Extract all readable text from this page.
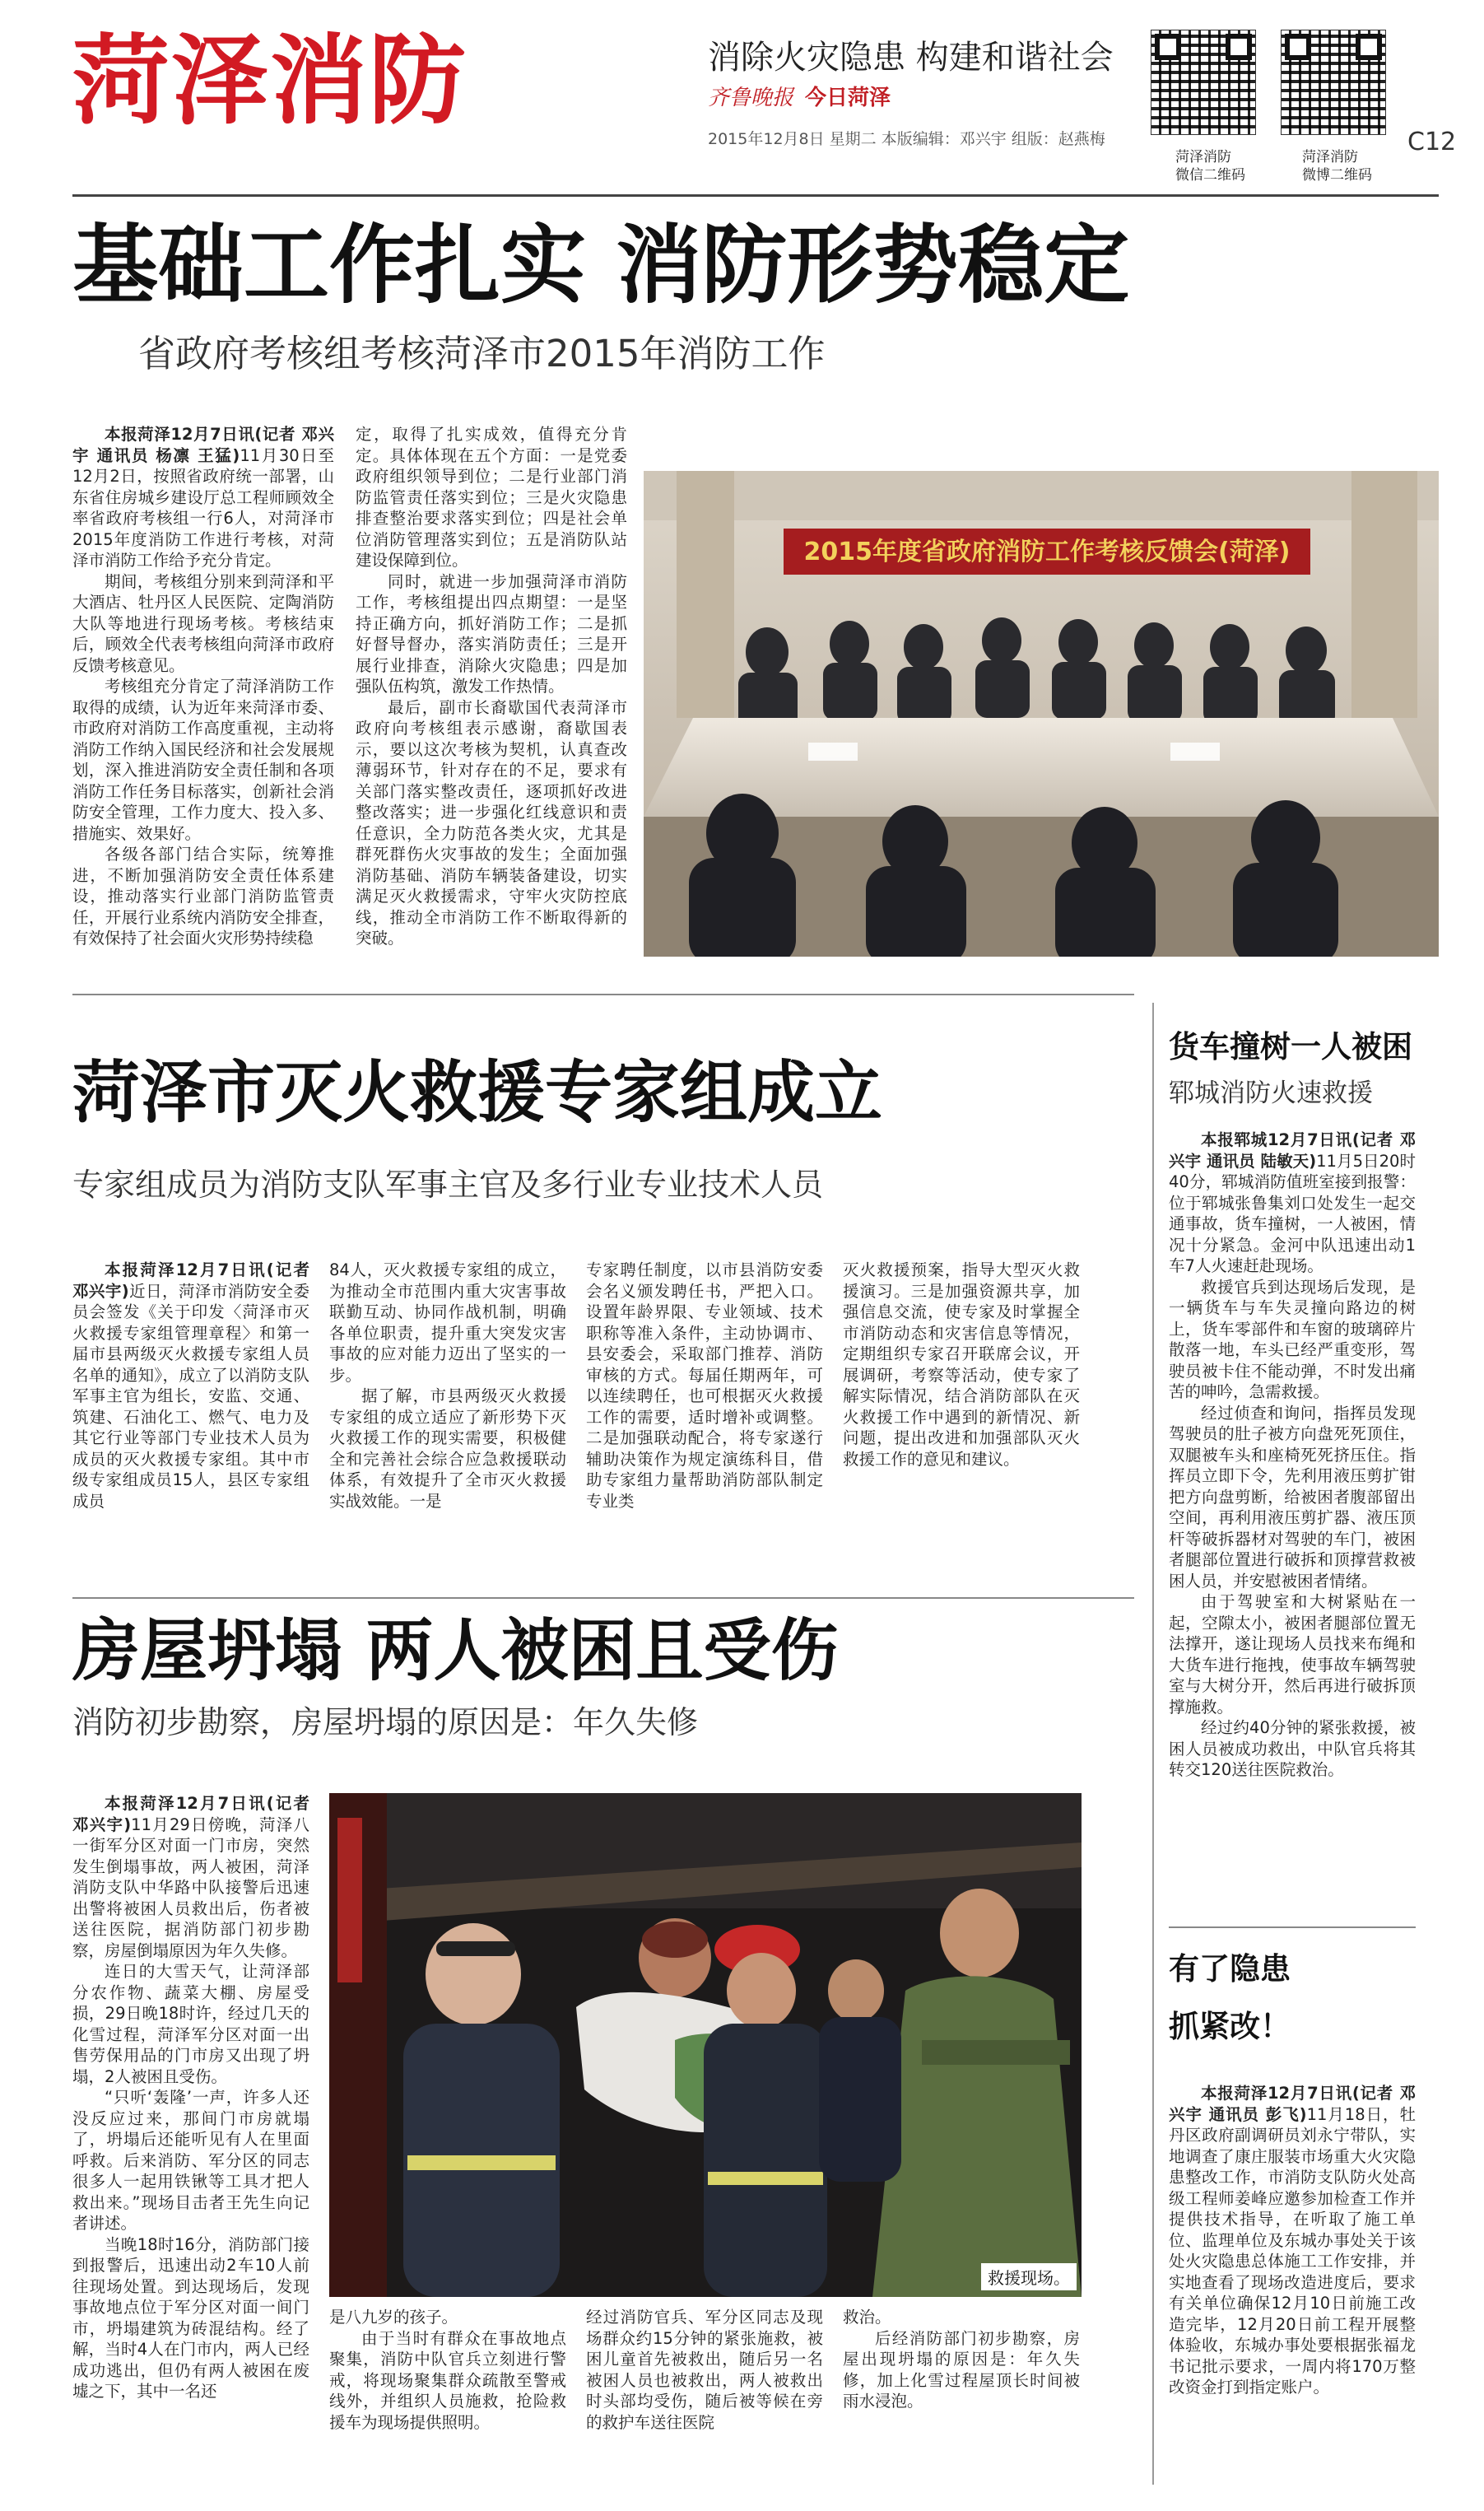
菏泽消防	消除火灾隐患 构建和谐社会
齐鲁晚报 今日菏泽
2015年12月8日 星期二 本版编辑：邓兴宇 组版：赵燕梅
菏泽消防
微信二维码
菏泽消防
微博二维码
C12
基础工作扎实 消防形势稳定
省政府考核组考核菏泽市2015年消防工作

本报菏泽12月7日讯(记者 邓兴宇 通讯员 杨凛 王猛)11月30日至12月2日，按照省政府统一部署，山东省住房城乡建设厅总工程师顾效全率省政府考核组一行6人，对菏泽市2015年度消防工作进行考核，对菏泽市消防工作给予充分肯定。

期间，考核组分别来到菏泽和平大酒店、牡丹区人民医院、定陶消防大队等地进行现场考核。考核结束后，顾效全代表考核组向菏泽市政府反馈考核意见。

考核组充分肯定了菏泽消防工作取得的成绩，认为近年来菏泽市委、市政府对消防工作高度重视，主动将消防工作纳入国民经济和社会发展规划，深入推进消防安全责任制和各项消防工作任务目标落实，创新社会消防安全管理，工作力度大、投入多、措施实、效果好。

各级各部门结合实际，统筹推进，不断加强消防安全责任体系建设，推动落实行业部门消防监管责任，开展行业系统内消防安全排查，有效保持了社会面火灾形势持续稳

定，取得了扎实成效，值得充分肯定。具体体现在五个方面：一是党委政府组织领导到位；二是行业部门消防监管责任落实到位；三是火灾隐患排查整治要求落实到位；四是社会单位消防管理落实到位；五是消防队站建设保障到位。

同时，就进一步加强菏泽市消防工作，考核组提出四点期望：一是坚持正确方向，抓好消防工作；二是抓好督导督办，落实消防责任；三是开展行业排查，消除火灾隐患；四是加强队伍构筑，激发工作热情。

最后，副市长裔歇国代表菏泽市政府向考核组表示感谢，裔歇国表示，要以这次考核为契机，认真查改薄弱环节，针对存在的不足，要求有关部门落实整改责任，逐项抓好改进整改落实；进一步强化红线意识和责任意识，全力防范各类火灾，尤其是群死群伤火灾事故的发生；全面加强消防基础、消防车辆装备建设，切实满足灭火救援需求，守牢火灾防控底线，推动全市消防工作不断取得新的突破。

2015年度省政府消防工作考核反馈会(菏泽)
菏泽市灭火救援专家组成立
专家组成员为消防支队军事主官及多行业专业技术人员

本报菏泽12月7日讯(记者 邓兴宇)近日，菏泽市消防安全委员会签发《关于印发〈菏泽市灭火救援专家组管理章程〉和第一届市县两级灭火救援专家组人员名单的通知》，成立了以消防支队军事主官为组长，安监、交通、筑建、石油化工、燃气、电力及其它行业等部门专业技术人员为成员的灭火救援专家组。其中市级专家组成员15人，县区专家组成员

84人，灭火救援专家组的成立，为推动全市范围内重大灾害事故联勤互动、协同作战机制，明确各单位职责，提升重大突发灾害事故的应对能力迈出了坚实的一步。

据了解，市县两级灭火救援专家组的成立适应了新形势下灭火救援工作的现实需要，积极健全和完善社会综合应急救援联动体系，有效提升了全市灭火救援实战效能。一是

专家聘任制度，以市县消防安委会名义颁发聘任书，严把入口。设置年龄界限、专业领域、技术职称等准入条件，主动协调市、县安委会，采取部门推荐、消防审核的方式。每届任期两年，可以连续聘任，也可根据灭火救援工作的需要，适时增补或调整。二是加强联动配合，将专家遂行辅助决策作为规定演练科目，借助专家组力量帮助消防部队制定专业类

灭火救援预案，指导大型灭火救援演习。三是加强资源共享，加强信息交流，使专家及时掌握全市消防动态和灾害信息等情况，定期组织专家召开联席会议，开展调研，考察等活动，使专家了解实际情况，结合消防部队在灭火救援工作中遇到的新情况、新问题，提出改进和加强部队灭火救援工作的意见和建议。

房屋坍塌 两人被困且受伤
消防初步勘察，房屋坍塌的原因是：年久失修

本报菏泽12月7日讯(记者 邓兴宇)11月29日傍晚，菏泽八一街军分区对面一门市房，突然发生倒塌事故，两人被困，菏泽消防支队中华路中队接警后迅速出警将被困人员救出后，伤者被送往医院，据消防部门初步勘察，房屋倒塌原因为年久失修。

连日的大雪天气，让菏泽部分农作物、蔬菜大棚、房屋受损，29日晚18时许，经过几天的化雪过程，菏泽军分区对面一出售劳保用品的门市房又出现了坍塌，2人被困且受伤。

“只听‘轰隆’一声，许多人还没反应过来，那间门市房就塌了，坍塌后还能听见有人在里面呼救。后来消防、军分区的同志很多人一起用铁锹等工具才把人救出来。”现场目击者王先生向记者讲述。

当晚18时16分，消防部门接到报警后，迅速出动2车10人前往现场处置。到达现场后，发现事故地点位于军分区对面一间门市，坍塌建筑为砖混结构。经了解，当时4人在门市内，两人已经成功逃出，但仍有两人被困在废墟之下，其中一名还

救援现场。

是八九岁的孩子。

由于当时有群众在事故地点聚集，消防中队官兵立刻进行警戒，将现场聚集群众疏散至警戒线外，并组织人员施救，抢险救援车为现场提供照明。

经过消防官兵、军分区同志及现场群众约15分钟的紧张施救，被困儿童首先被救出，随后另一名被困人员也被救出，两人被救出时头部均受伤，随后被等候在旁的救护车送往医院

救治。

后经消防部门初步勘察，房屋出现坍塌的原因是：年久失修，加上化雪过程屋顶长时间被雨水浸泡。

货车撞树一人被困
郓城消防火速救援

本报郓城12月7日讯(记者 邓兴宇 通讯员 陆敏天)11月5日20时40分，郓城消防值班室接到报警：位于郓城张鲁集刘口处发生一起交通事故，货车撞树，一人被困，情况十分紧急。金河中队迅速出动1车7人火速赶赴现场。

救援官兵到达现场后发现，是一辆货车与车失灵撞向路边的树上，货车零部件和车窗的玻璃碎片散落一地，车头已经严重变形，驾驶员被卡住不能动弹，不时发出痛苦的呻吟，急需救援。

经过侦查和询问，指挥员发现驾驶员的肚子被方向盘死死顶住，双腿被车头和座椅死死挤压住。指挥员立即下令，先利用液压剪扩钳把方向盘剪断，给被困者腹部留出空间，再利用液压剪扩器、液压顶杆等破拆器材对驾驶的车门，被困者腿部位置进行破拆和顶撑营救被困人员，并安慰被困者情绪。

由于驾驶室和大树紧贴在一起，空隙太小，被困者腿部位置无法撑开，遂让现场人员找来布绳和大货车进行拖拽，使事故车辆驾驶室与大树分开，然后再进行破拆顶撑施救。

经过约40分钟的紧张救援，被困人员被成功救出，中队官兵将其转交120送往医院救治。

有了隐患
抓紧改！

本报菏泽12月7日讯(记者 邓兴宇 通讯员 彭飞)11月18日，牡丹区政府副调研员刘永宁带队，实地调查了康庄服装市场重大火灾隐患整改工作，市消防支队防火处高级工程师姜峰应邀参加检查工作并提供技术指导，在听取了施工单位、监理单位及东城办事处关于该处火灾隐患总体施工工作安排，并实地查看了现场改造进度后，要求有关单位确保12月10日前施工改造完毕，12月20日前工程开展整体验收，东城办事处要根据张福龙书记批示要求，一周内将170万整改资金打到指定账户。
